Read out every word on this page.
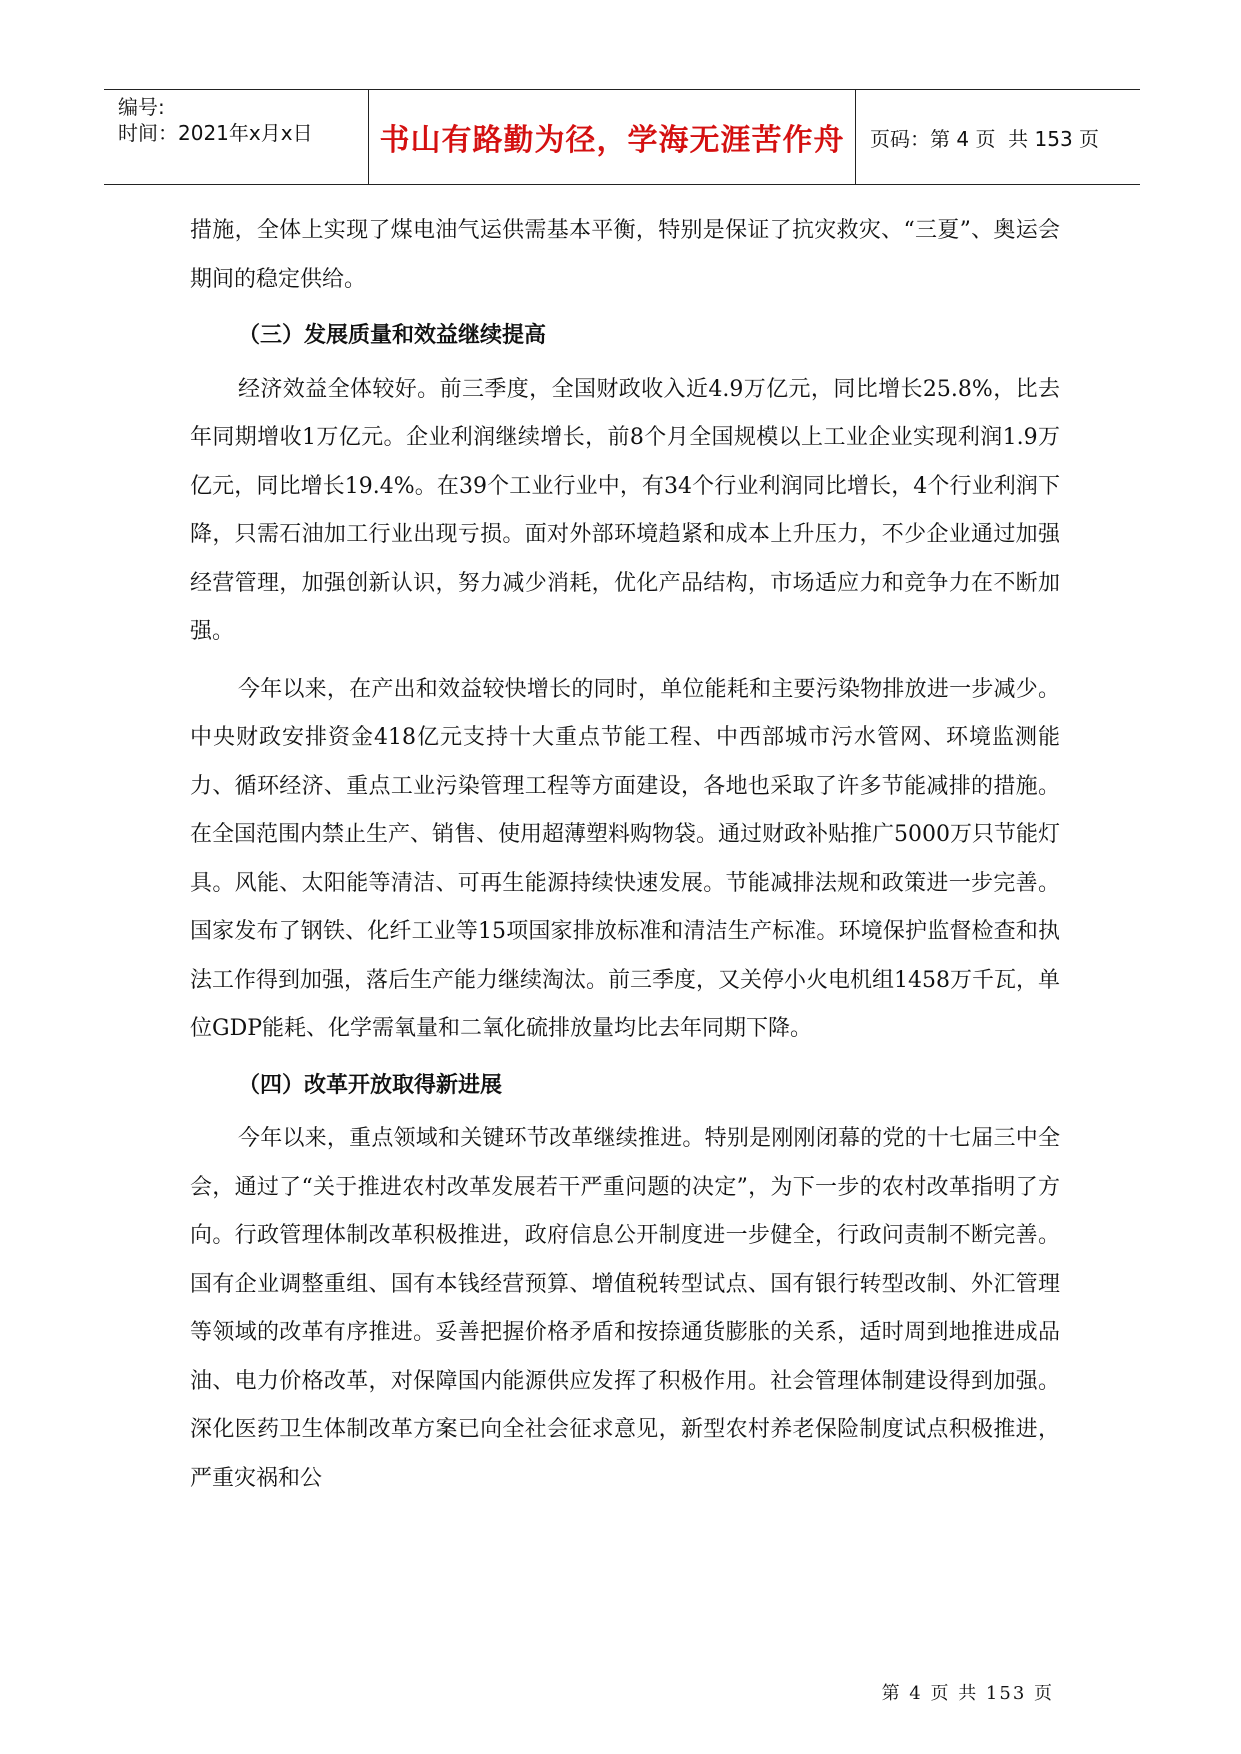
编号:
时间：2021年x月x日	书山有路勤为径，学海无涯苦作舟 页码：第 4 页  共 153 页

措施，全体上实现了煤电油气运供需基本平衡，特别是保证了抗灾救灾、“三夏”、奥运会期间的稳定供给。

（三）发展质量和效益继续提高

经济效益全体较好。前三季度，全国财政收入近4.9万亿元，同比增长25.8%，比去年同期增收1万亿元。企业利润继续增长，前8个月全国规模以上工业企业实现利润1.9万亿元，同比增长19.4%。在39个工业行业中，有34个行业利润同比增长，4个行业利润下降，只需石油加工行业出现亏损。面对外部环境趋紧和成本上升压力，不少企业通过加强经营管理，加强创新认识，努力减少消耗，优化产品结构，市场适应力和竞争力在不断加强。

今年以来，在产出和效益较快增长的同时，单位能耗和主要污染物排放进一步减少。中央财政安排资金418亿元支持十大重点节能工程、中西部城市污水管网、环境监测能力、循环经济、重点工业污染管理工程等方面建设，各地也采取了许多节能减排的措施。在全国范围内禁止生产、销售、使用超薄塑料购物袋。通过财政补贴推广5000万只节能灯具。风能、太阳能等清洁、可再生能源持续快速发展。节能减排法规和政策进一步完善。国家发布了钢铁、化纤工业等15项国家排放标准和清洁生产标准。环境保护监督检查和执法工作得到加强，落后生产能力继续淘汰。前三季度，又关停小火电机组1458万千瓦，单位GDP能耗、化学需氧量和二氧化硫排放量均比去年同期下降。

（四）改革开放取得新进展

今年以来，重点领域和关键环节改革继续推进。特别是刚刚闭幕的党的十七届三中全会，通过了“关于推进农村改革发展若干严重问题的决定”，为下一步的农村改革指明了方向。行政管理体制改革积极推进，政府信息公开制度进一步健全，行政问责制不断完善。国有企业调整重组、国有本钱经营预算、增值税转型试点、国有银行转型改制、外汇管理等领域的改革有序推进。妥善把握价格矛盾和按捺通货膨胀的关系，适时周到地推进成品油、电力价格改革，对保障国内能源供应发挥了积极作用。社会管理体制建设得到加强。深化医药卫生体制改革方案已向全社会征求意见，新型农村养老保险制度试点积极推进，严重灾祸和公

第 4 页 共 153 页
